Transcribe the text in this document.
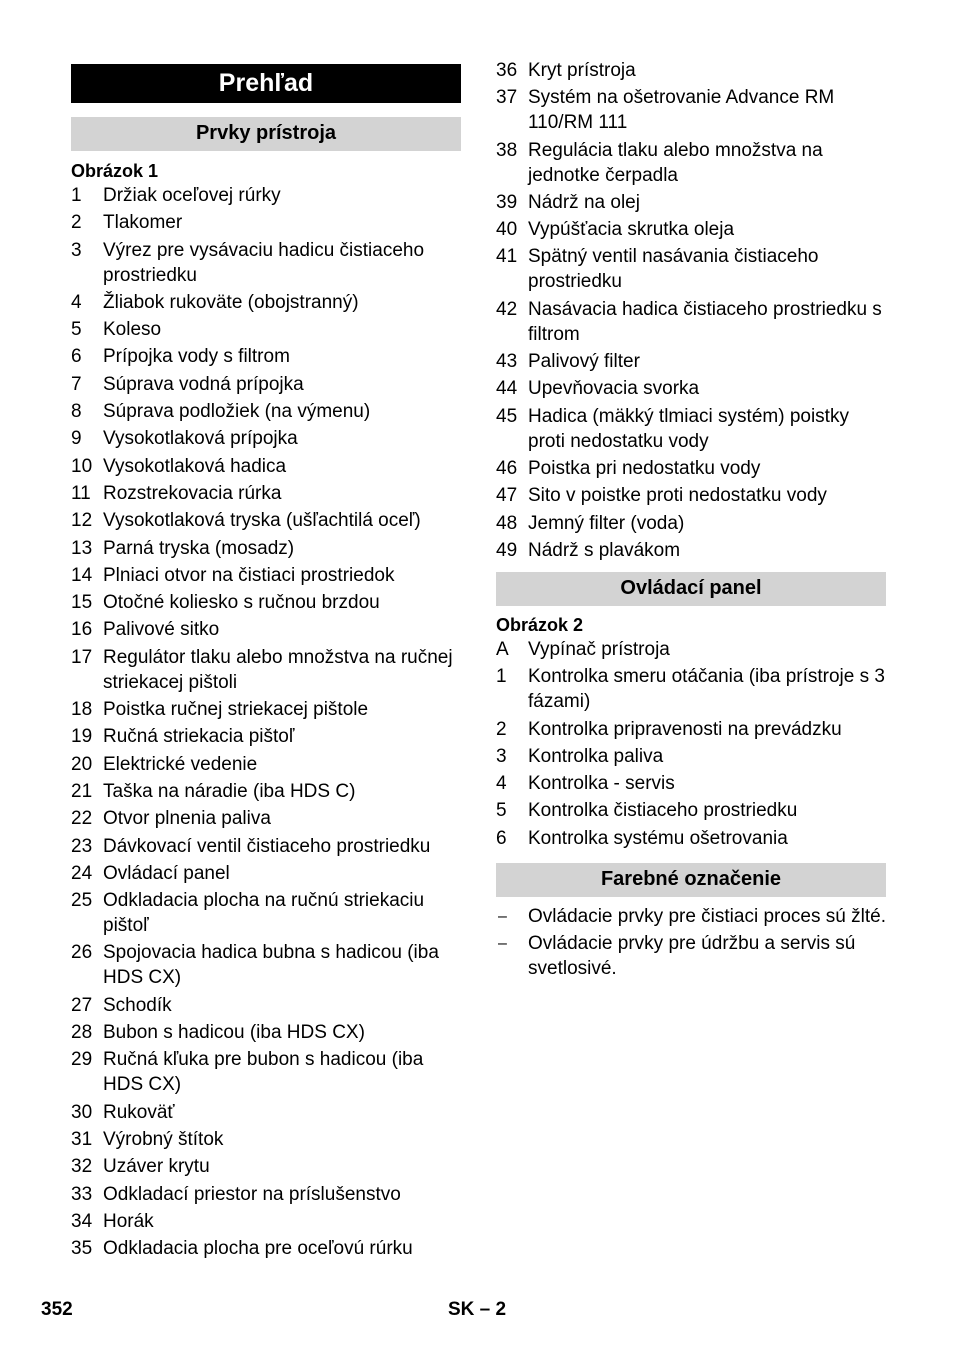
Prehľad
Prvky prístroja
Obrázok 1
1 Držiak oceľovej rúrky
2 Tlakomer
3 Výrez pre vysávaciu hadicu čistiaceho prostriedku
4 Žliabok rukoväte (obojstranný)
5 Koleso
6 Prípojka vody s filtrom
7 Súprava vodná prípojka
8 Súprava podložiek (na výmenu)
9 Vysokotlaková prípojka
10 Vysokotlaková hadica
11 Rozstrekovacia rúrka
12 Vysokotlaková tryska (ušľachtilá oceľ)
13 Parná tryska (mosadz)
14 Plniaci otvor na čistiaci prostriedok
15 Otočné koliesko s ručnou brzdou
16 Palivové sitko
17 Regulátor tlaku alebo množstva na ručnej striekacej pištoli
18 Poistka ručnej striekacej pištole
19 Ručná striekacia pištoľ
20 Elektrické vedenie
21 Taška na náradie (iba HDS C)
22 Otvor plnenia paliva
23 Dávkovací ventil čistiaceho prostriedku
24 Ovládací panel
25 Odkladacia plocha na ručnú striekaciu pištoľ
26 Spojovacia hadica bubna s hadicou (iba HDS CX)
27 Schodík
28 Bubon s hadicou (iba HDS CX)
29 Ručná kľuka pre bubon s hadicou (iba HDS CX)
30 Rukoväť
31 Výrobný štítok
32 Uzáver krytu
33 Odkladací priestor na príslušenstvo
34 Horák
35 Odkladacia plocha pre oceľovú rúrku
36 Kryt prístroja
37 Systém na ošetrovanie Advance RM 110/RM 111
38 Regulácia tlaku alebo množstva na jednotke čerpadla
39 Nádrž na olej
40 Vypúšťacia skrutka oleja
41 Spätný ventil nasávania čistiaceho prostriedku
42 Nasávacia hadica čistiaceho prostriedku s filtrom
43 Palivový filter
44 Upevňovacia svorka
45 Hadica (mäkký tlmiaci systém) poistky proti nedostatku vody
46 Poistka pri nedostatku vody
47 Sito v poistke proti nedostatku vody
48 Jemný filter (voda)
49 Nádrž s plavákom
Ovládací panel
Obrázok 2
A Vypínač prístroja
1 Kontrolka smeru otáčania (iba prístroje s 3 fázami)
2 Kontrolka pripravenosti na prevádzku
3 Kontrolka paliva
4 Kontrolka - servis
5 Kontrolka čistiaceho prostriedku
6 Kontrolka systému ošetrovania
Farebné označenie
– Ovládacie prvky pre čistiaci proces sú žlté.
– Ovládacie prvky pre údržbu a servis sú svetlosivé.
352	SK – 2
